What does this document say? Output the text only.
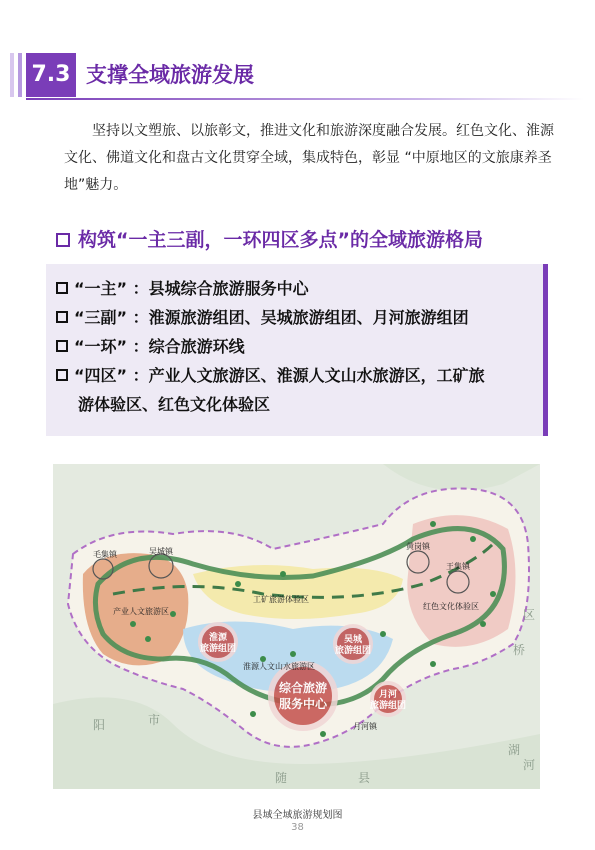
7.3 支撑全域旅游发展

坚持以文塑旅、以旅彰文，推进文化和旅游深度融合发展。红色文化、淮源文化、佛道文化和盘古文化贯穿全域，集成特色，彰显 “中原地区的文旅康养圣地”魅力。

构筑“一主三副，一环四区多点”的全域旅游格局
“一主” ：县城综合旅游服务中心
“三副” ：淮源旅游组团、吴城旅游组团、月河旅游组团
“一环” ：综合旅游环线
“四区” ：产业人文旅游区、淮源人文山水旅游区，工矿旅
游体验区、红色文化体验区
毛集镇	吴城镇
黄岗镇
王集镇
产业人文旅游区
工矿旅游体验区
淮源人文山水旅游区
红色文化体验区
月河镇
淮源
旅游组团
吴城
旅游组团
月河
旅游组团
综合旅游
服务中心
阳	市
随	县
桥
区
湖
河
县域全域旅游规划图
38
